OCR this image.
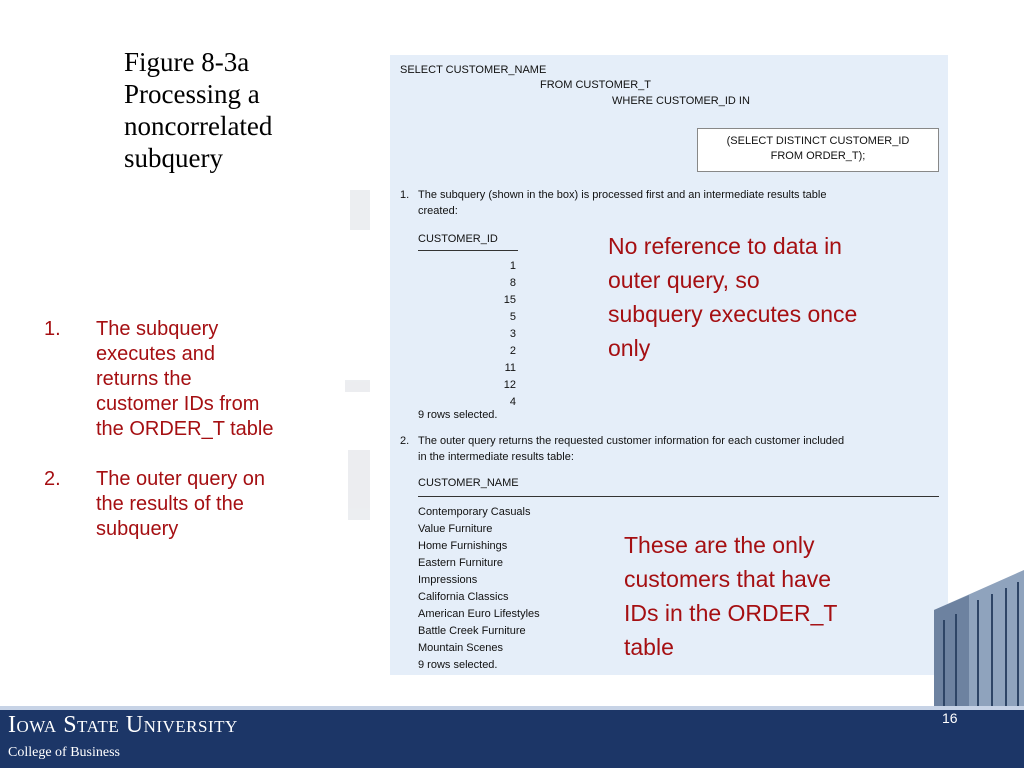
Figure 8-3a
Processing a
noncorrelated
subquery
1. The subquery
executes and
returns the
customer IDs from
the ORDER_T table
2. The outer query on
the results of the
subquery
SELECT CUSTOMER_NAME
FROM CUSTOMER_T
WHERE CUSTOMER_ID IN
(SELECT DISTINCT CUSTOMER_ID
FROM ORDER_T);
1. The subquery (shown in the box) is processed first and an intermediate results table
created:
CUSTOMER_ID
1
8
15
5
3
2
11
12
4
9 rows selected.
2. The outer query returns the requested customer information for each customer included
in the intermediate results table:
CUSTOMER_NAME
Contemporary Casuals
Value Furniture
Home Furnishings
Eastern Furniture
Impressions
California Classics
American Euro Lifestyles
Battle Creek Furniture
Mountain Scenes
9 rows selected.
No reference to data in
outer query, so
subquery executes once
only
These are the only
customers that have
IDs in the ORDER_T
table
Iowa State University
College of Business
16
